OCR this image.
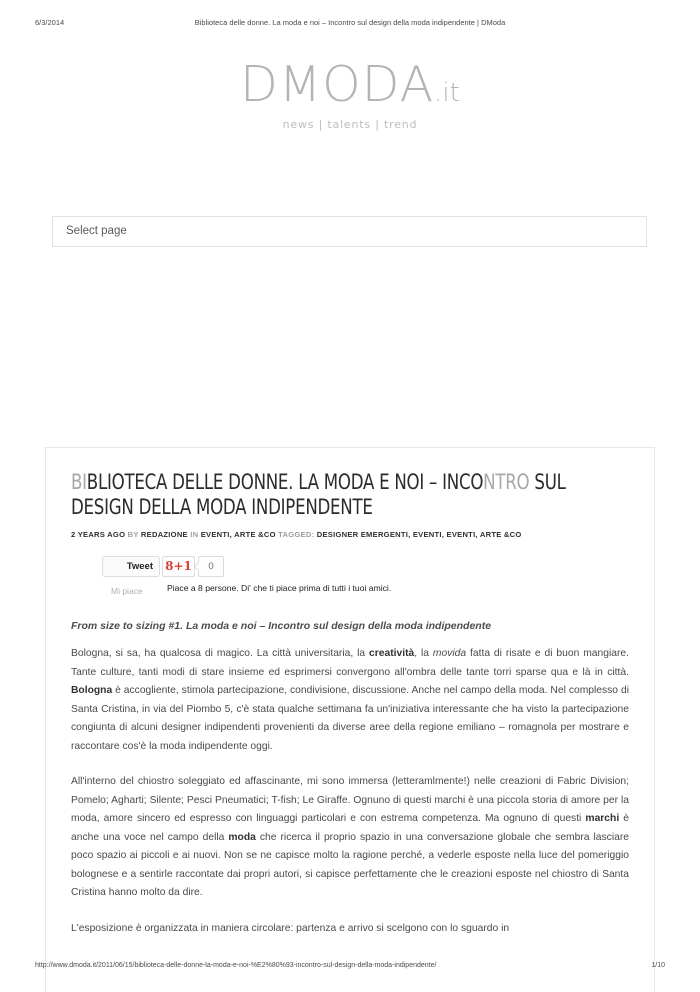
6/3/2014	Biblioteca delle donne. La moda e noi – Incontro sul design della moda indipendente | DModa
DMODA.it
news | talents | trend
Select page
BIBLIOTECA DELLE DONNE. LA MODA E NOI – INCONTRO SUL DESIGN DELLA MODA INDIPENDENTE
2 YEARS AGO BY REDAZIONE IN EVENTI, ARTE &CO TAGGED: DESIGNER EMERGENTI, EVENTI, EVENTI, ARTE &CO
Tweet	8+1	0
Mi piace	Piace a 8 persone. Di' che ti piace prima di tutti i tuoi amici.
From size to sizing #1. La moda e noi – Incontro sul design della moda indipendente

Bologna, si sa, ha qualcosa di magico. La città universitaria, la creatività, la movida fatta di risate e di buon mangiare. Tante culture, tanti modi di stare insieme ed esprimersi convergono all'ombra delle tante torri sparse qua e là in città. Bologna è accogliente, stimola partecipazione, condivisione, discussione. Anche nel campo della moda. Nel complesso di Santa Cristina, in via del Piombo 5, c'è stata qualche settimana fa un'iniziativa interessante che ha visto la partecipazione congiunta di alcuni designer indipendenti provenienti da diverse aree della regione emiliano – romagnola per mostrare e raccontare cos'è la moda indipendente oggi.

All'interno del chiostro soleggiato ed affascinante, mi sono immersa (letteramlmente!) nelle creazioni di Fabric Division; Pomelo; Agharti; Silente; Pesci Pneumatici; T-fish; Le Giraffe. Ognuno di questi marchi è una piccola storia di amore per la moda, amore sincero ed espresso con linguaggi particolari e con estrema competenza. Ma ognuno di questi marchi è anche una voce nel campo della moda che ricerca il proprio spazio in una conversazione globale che sembra lasciare poco spazio ai piccoli e ai nuovi. Non se ne capisce molto la ragione perché, a vederle esposte nella luce del pomeriggio bolognese e a sentirle raccontate dai propri autori, si capisce perfettamente che le creazioni esposte nel chiostro di Santa Cristina hanno molto da dire.

L'esposizione è organizzata in maniera circolare: partenza e arrivo si scelgono con lo sguardo in

http://www.dmoda.it/2011/06/15/biblioteca-delle-donne-la-moda-e-noi-%E2%80%93-incontro-sul-design-della-moda-indipendente/	1/10
